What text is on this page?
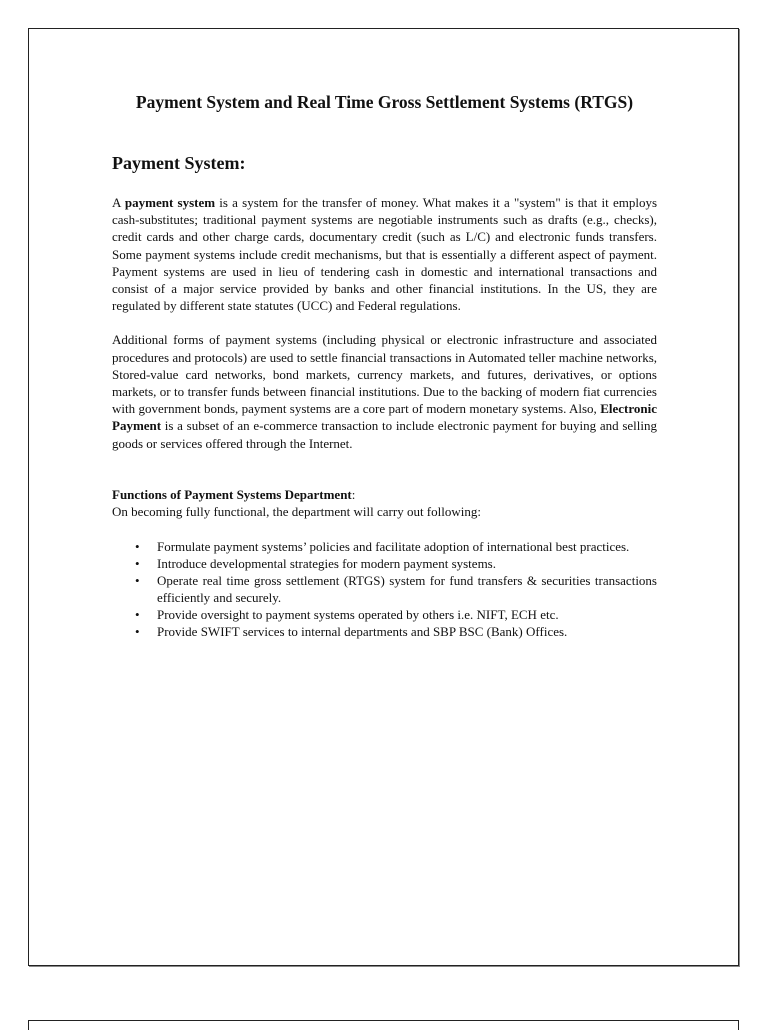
Payment System and Real Time Gross Settlement Systems (RTGS)
Payment System:

A payment system is a system for the transfer of money. What makes it a "system" is that it employs cash-substitutes; traditional payment systems are negotiable instruments such as drafts (e.g., checks), credit cards and other charge cards, documentary credit (such as L/C) and electronic funds transfers. Some payment systems include credit mechanisms, but that is essentially a different aspect of payment. Payment systems are used in lieu of tendering cash in domestic and international transactions and consist of a major service provided by banks and other financial institutions. In the US, they are regulated by different state statutes (UCC) and Federal regulations.

Additional forms of payment systems (including physical or electronic infrastructure and associated procedures and protocols) are used to settle financial transactions in Automated teller machine networks, Stored-value card networks, bond markets, currency markets, and futures, derivatives, or options markets, or to transfer funds between financial institutions. Due to the backing of modern fiat currencies with government bonds, payment systems are a core part of modern monetary systems. Also, Electronic Payment is a subset of an e-commerce transaction to include electronic payment for buying and selling goods or services offered through the Internet.

Functions of Payment Systems Department:
On becoming fully functional, the department will carry out following:
• Formulate payment systems’ policies and facilitate adoption of international best practices.
• Introduce developmental strategies for modern payment systems.
• Operate real time gross settlement (RTGS) system for fund transfers & securities transactions efficiently and securely.
• Provide oversight to payment systems operated by others i.e. NIFT, ECH etc.
• Provide SWIFT services to internal departments and SBP BSC (Bank) Offices.
